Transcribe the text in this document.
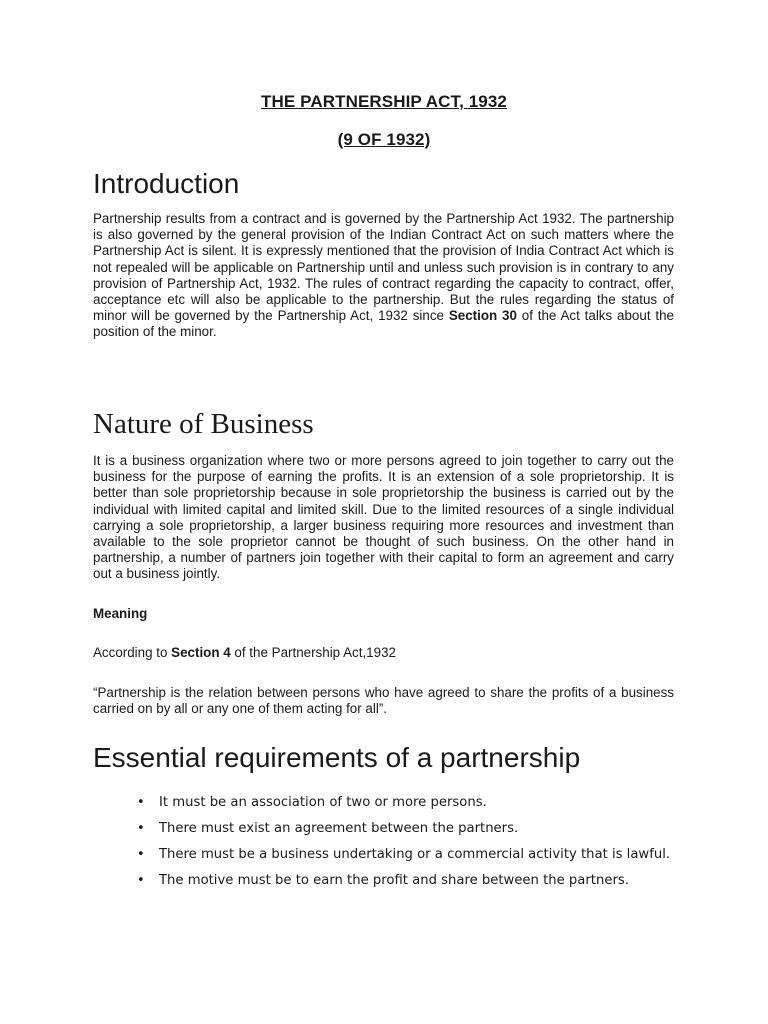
THE PARTNERSHIP ACT, 1932
(9 OF 1932)
Introduction

Partnership results from a contract and is governed by the Partnership Act 1932. The partnership is also governed by the general provision of the Indian Contract Act on such matters where the Partnership Act is silent. It is expressly mentioned that the provision of India Contract Act which is not repealed will be applicable on Partnership until and unless such provision is in contrary to any provision of Partnership Act, 1932. The rules of contract regarding the capacity to contract, offer, acceptance etc will also be applicable to the partnership. But the rules regarding the status of minor will be governed by the Partnership Act, 1932 since Section 30 of the Act talks about the position of the minor.

Nature of Business

It is a business organization where two or more persons agreed to join together to carry out the business for the purpose of earning the profits. It is an extension of a sole proprietorship. It is better than sole proprietorship because in sole proprietorship the business is carried out by the individual with limited capital and limited skill. Due to the limited resources of a single individual carrying a sole proprietorship, a larger business requiring more resources and investment than available to the sole proprietor cannot be thought of such business. On the other hand in partnership, a number of partners join together with their capital to form an agreement and carry out a business jointly.

Meaning

According to Section 4 of the Partnership Act,1932

“Partnership is the relation between persons who have agreed to share the profits of a business carried on by all or any one of them acting for all”.

Essential requirements of a partnership
• It must be an association of two or more persons.
• There must exist an agreement between the partners.
• There must be a business undertaking or a commercial activity that is lawful.
• The motive must be to earn the profit and share between the partners.
